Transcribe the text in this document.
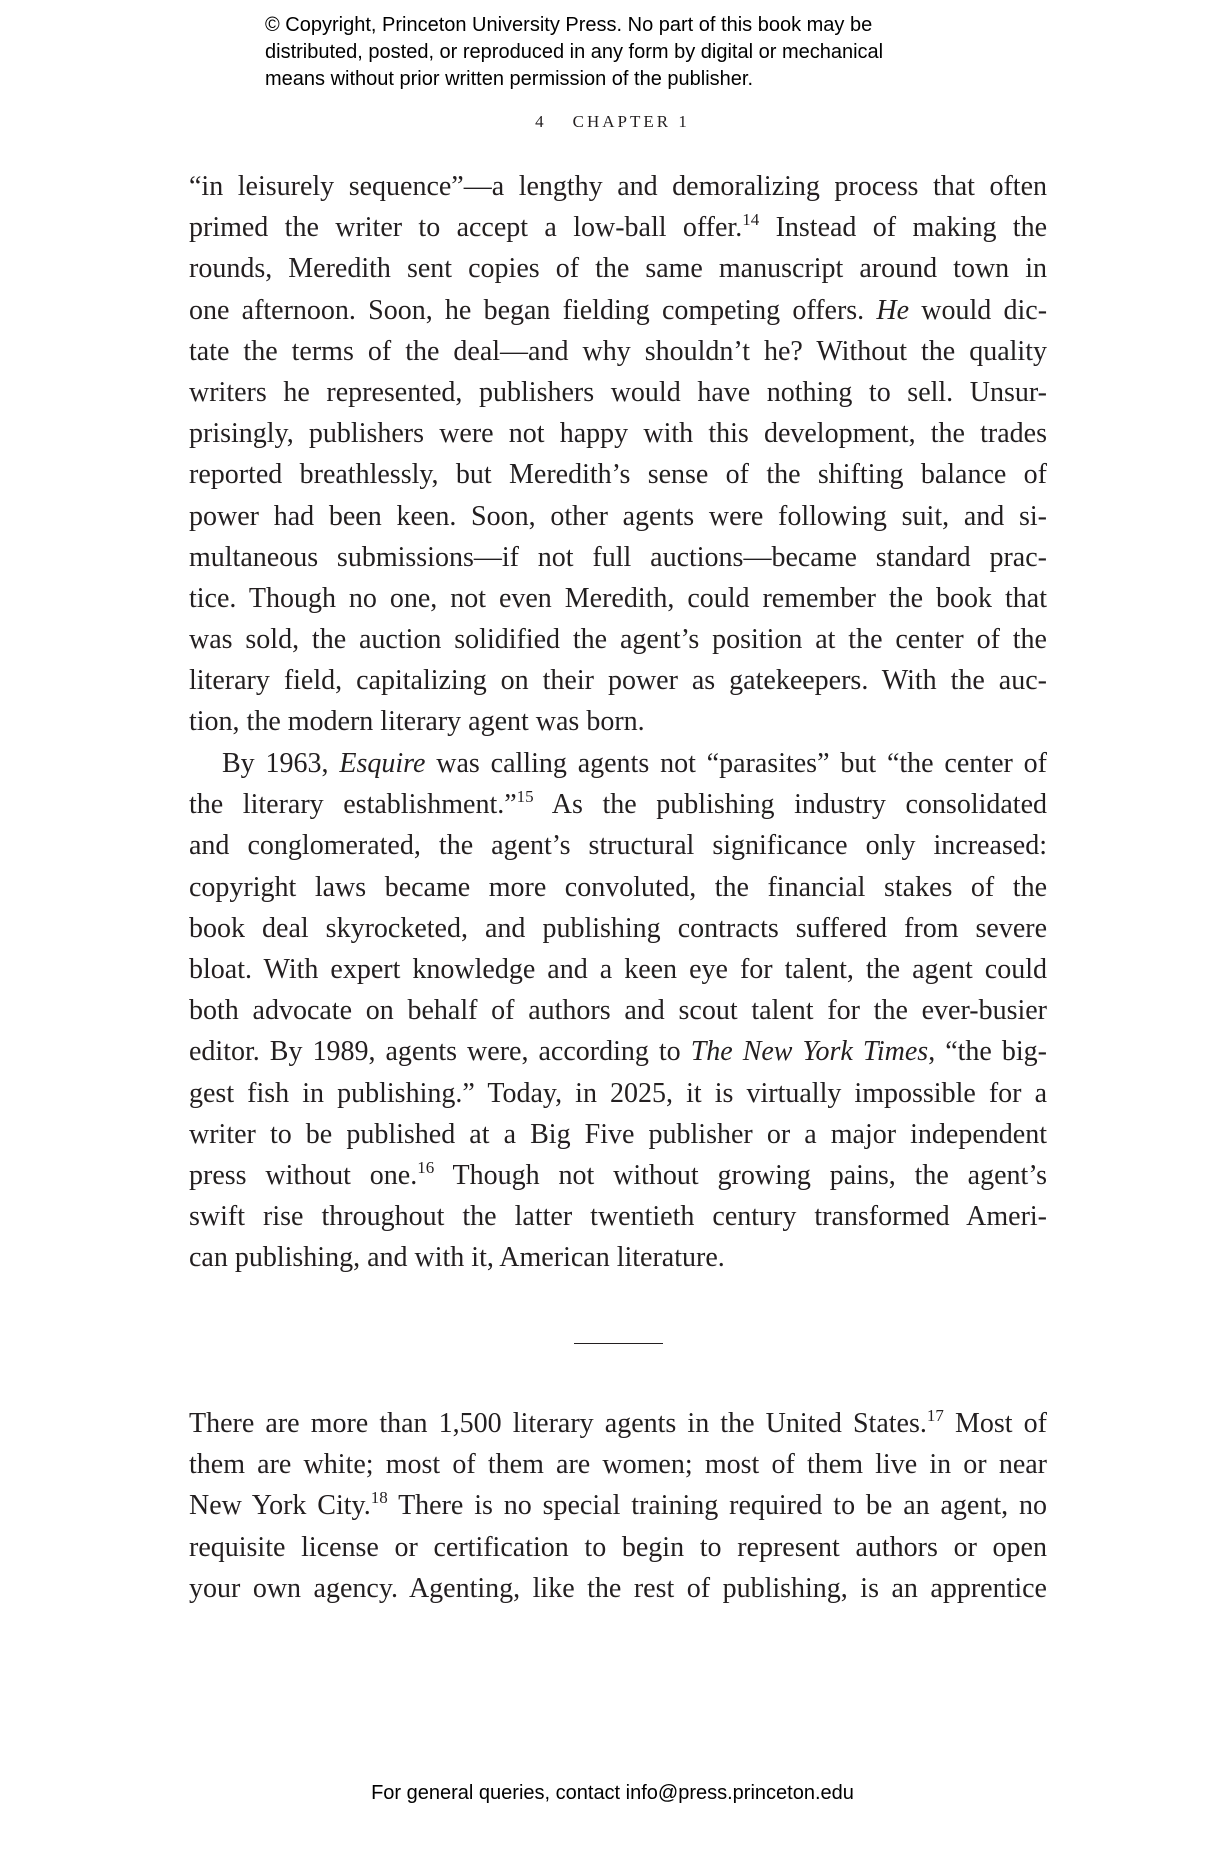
© Copyright, Princeton University Press. No part of this book may be
distributed, posted, or reproduced in any form by digital or mechanical
means without prior written permission of the publisher.
4 CHAPTER 1
“in leisurely sequence”—a lengthy and demoralizing process that often
primed the writer to accept a low-ball offer.$^{14}$ Instead of making the
rounds, Meredith sent copies of the same manuscript around town in
one afternoon. Soon, he began fielding competing offers. He would dic-
tate the terms of the deal—and why shouldn’t he? Without the quality
writers he represented, publishers would have nothing to sell. Unsur-
prisingly, publishers were not happy with this development, the trades
reported breathlessly, but Meredith’s sense of the shifting balance of
power had been keen. Soon, other agents were following suit, and si-
multaneous submissions—if not full auctions—became standard prac-
tice. Though no one, not even Meredith, could remember the book that
was sold, the auction solidified the agent’s position at the center of the
literary field, capitalizing on their power as gatekeepers. With the auc-
tion, the modern literary agent was born.
By 1963, Esquire was calling agents not “parasites” but “the center of
the literary establishment.”$^{15}$ As the publishing industry consolidated
and conglomerated, the agent’s structural significance only increased:
copyright laws became more convoluted, the financial stakes of the
book deal skyrocketed, and publishing contracts suffered from severe
bloat. With expert knowledge and a keen eye for talent, the agent could
both advocate on behalf of authors and scout talent for the ever-busier
editor. By 1989, agents were, according to The New York Times, “the big-
gest fish in publishing.” Today, in 2025, it is virtually impossible for a
writer to be published at a Big Five publisher or a major independent
press without one.$^{16}$ Though not without growing pains, the agent’s
swift rise throughout the latter twentieth century transformed Ameri-
can publishing, and with it, American literature.
There are more than 1,500 literary agents in the United States.$^{17}$ Most of
them are white; most of them are women; most of them live in or near
New York City.$^{18}$ There is no special training required to be an agent, no
requisite license or certification to begin to represent authors or open
your own agency. Agenting, like the rest of publishing, is an apprentice
For general queries, contact info@press.princeton.edu
